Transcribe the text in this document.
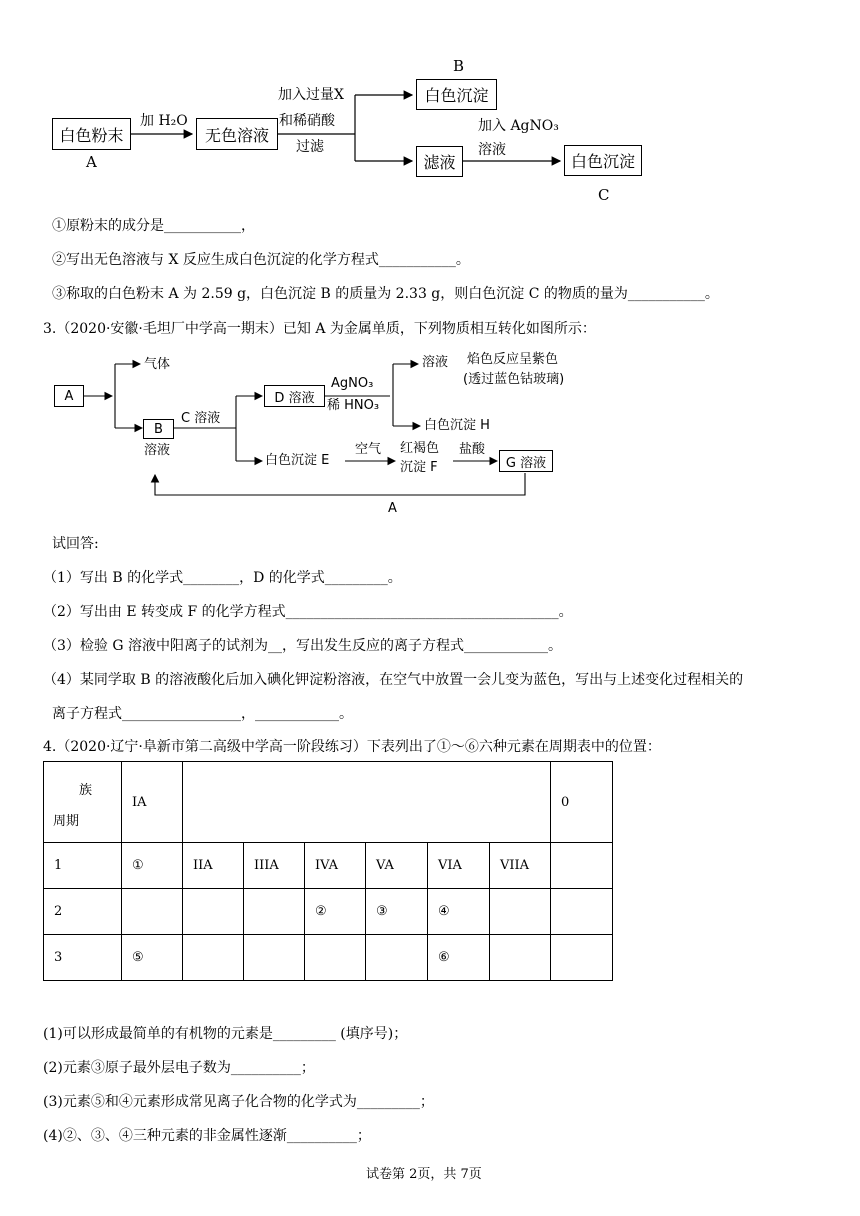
白色粉末
A
加 H₂O
无色溶液
加入过量X
和稀硝酸
过滤
B
白色沉淀
滤液
加入 AgNO₃
溶液
白色沉淀
C
①原粉末的成分是___________，
②写出无色溶液与 X 反应生成白色沉淀的化学方程式___________。
③称取的白色粉末 A 为 2.59 g，白色沉淀 B 的质量为 2.33 g，则白色沉淀 C 的物质的量为___________。
3.（2020·安徽·毛坦厂中学高一期末）已知 A 为金属单质，下列物质相互转化如图所示：
A
气体
B
溶液
C 溶液
D 溶液
AgNO₃
稀 HNO₃
溶液 焰色反应呈紫色
(透过蓝色钴玻璃)
白色沉淀 H
白色沉淀 E
空气 红褐色
沉淀 F
盐酸
G 溶液
A
试回答:
（1）写出 B 的化学式________，D 的化学式_________。
（2）写出由 E 转变成 F 的化学方程式_______________________________________。
（3）检验 G 溶液中阳离子的试剂为__，写出发生反应的离子方程式____________。
（4）某同学取 B 的溶液酸化后加入碘化钾淀粉溶液，在空气中放置一会儿变为蓝色，写出与上述变化过程相关的
离子方程式_________________，____________。
4.（2020·辽宁·阜新市第二高级中学高一阶段练习）下表列出了①～⑥六种元素在周期表中的位置：
族
周期	IA							0
1	①	IIA	IIIA	IVA	VA	VIA	VIIA	
2				②	③	④		
3	⑤					⑥		
(1)可以形成最简单的有机物的元素是_________ (填序号)；
(2)元素③原子最外层电子数为__________；
(3)元素⑤和④元素形成常见离子化合物的化学式为_________；
(4)②、③、④三种元素的非金属性逐渐__________；
试卷第 2页，共 7页
